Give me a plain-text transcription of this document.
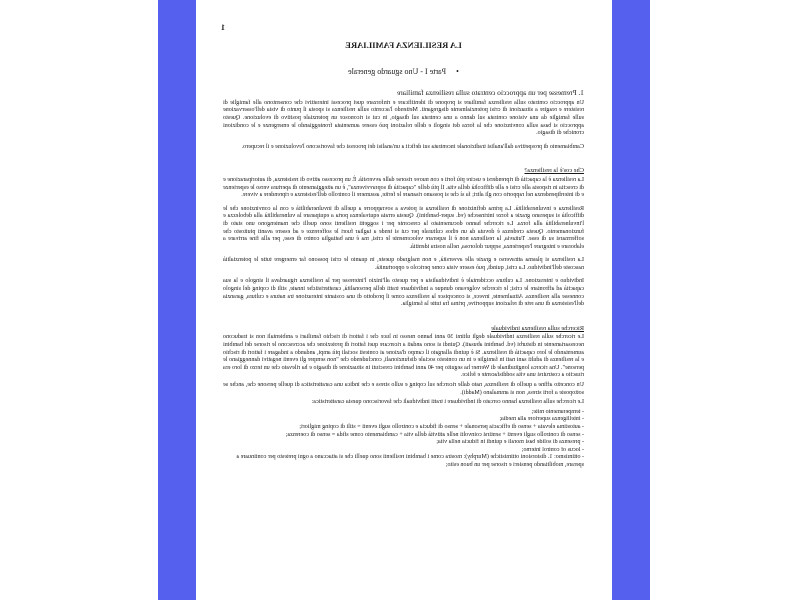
1
LA RESILIENZA FAMILIARE
•Parte I - Uno sguardo generale
1. Premesse per un approccio centrato sulla resilienza familiare

Un approccio centrato sulla resilienza familiare si propone di identificare e rinforzare quei processi interattivi che consentono alle famiglie di resistere e reagire a situazioni di crisi potenzialmente disgreganti. Mettendo l'accento sulla resilienza si sposta il punto di vista dell'osservazione sulle famiglie da una visione centrata sul danno a una centrata sul disagio, in cui si riconosce un potenziale positivo di evoluzione. Questo approccio si basa sulla convinzione che la forza dei singoli e delle relazioni può essere aumentata fronteggiando le emergenze e le condizioni croniche di disagio.

Cambiamento di prospettiva dall'analisi tradizionale incentrata sui deficit a un'analisi dei processi che favoriscono l'evoluzione e il recupero.

Che cos'è la resilienza?

La resilienza è la capacità di riprendersi e uscire più forti e con nuove risorse dalle avversità. È un processo attivo di resistenza, di autoriparazione e di crescita in risposta alle crisi e alle difficoltà della vita. Il più delle "capacità di sopravvivenza", è un atteggiamento di apertura verso le esperienze e di interdipendenza nel rapporto con gli altri; fa sì che si possano risanare le ferite, assumere il controllo dell'esistenza e riprendere a vivere.

Resilienza e invulnerabilità. La prima definizione di resilienza si poteva a sovrapporre a quella di invulnerabilità e con la convinzione che le difficoltà si superano grazie a forze intrinseche (vd. super-bambini). Questa errata equivalenza porta a equiparare la vulnerabilità alla debolezza e l'invulnerabilità alla forza. Le ricerche hanno documentato la crescente per i soggetti resilienti sono quelli che mantengono uno stato di funzionamento. Questa credenza è dovuta da un ethos culturale per cui si tende a tagliar fuori le sofferenze e ad essere avanti piuttosto che soffermarsi su di esse. Tuttavia, la resilienza non è il superare velocemente le crisi, ma è una battaglia contro di esse, per alla fine arrivare a elaborare e integrare l'esperienza, seppur dolorosa, nella nostra identità.

La resilienza si plasma attraverso e grazie alle avversità, e non malgrado queste, in quanto le crisi possono far emergere tutte le potenzialità nascoste dell'individuo. La crisi, quindi, può essere vista come pericolo e opportunità.

Individuo e interazione. La cultura occidentale è individualista e per questo all'inizio l'interesse per la resilienza riguardava il singolo e la sua capacità ad affrontare le crisi; le ricerche volgevano dunque a individuare tratti della personalità, caratteristiche innate, stili di coping del singolo connesse alla resilienza. Attualmente, invece, si concepisce la resilienza come il prodotto di una costante interazione tra natura e cultura, garanzia dell'esistenza di una rete di relazioni supportive, prima fra tutte la famiglia.

Ricerche sulla resilienza individuale

Le ricerche sulla resilienza individuale degli ultimi 30 anni hanno messo in luce che i fattori di rischio familiari e ambientali non si traducono necessariamente in disturbi (vd. bambini abusati). Quindi si sono andati a ricercare quei fattori di protezione che accrescono le risorse dei bambini aumentando le loro capacità di resilienza. Si è quindi allargato il campo d'azione ai contesti sociali più ampi, andando a indagare i fattori di rischio e la resilienza di adulti sani nati in famiglie e in un contesto sociale disfunzionali, concludendo che "non sempre gli eventi negativi danneggiano le persone". Una ricerca longitudinale di Werner ha seguito per 40 anni bambini cresciuti in situazione di disagio e ha rilevato che un terzo di loro era riuscito a costruirsi una vita soddisfacente e felice.

Un concetto affine a quello di resilienza, nato dalle ricerche sul coping e sullo stress e che indica una caratteristica di quelle persone che, anche se sottoposte a forti stress, non si ammalano (Maddi).

Le ricerche sulla resilienza hanno cercato di individuare i tratti individuali che favoriscono questa caratteristica:

- temperamento mite;
- intelligenza superiore alla media;
- autostima elevata + senso di efficacia personale + senso di fiducia e controllo sugli eventi = stili di coping migliori;
- senso di controllo sugli eventi + sentirsi coinvolti nelle attività della vita + cambiamento come sfida = senso di coerenza;
- presenza di solide basi morali e quindi in fiducia nella vita;
- locus of control interno;
- ottimismo: 1. distorsioni ottimistiche (Murphy): mostra come i bambini resilienti sono quelli che si attaccano a ogni pretesto per continuare a sperare, mobilitando pensieri e risorse per un buon esito;
